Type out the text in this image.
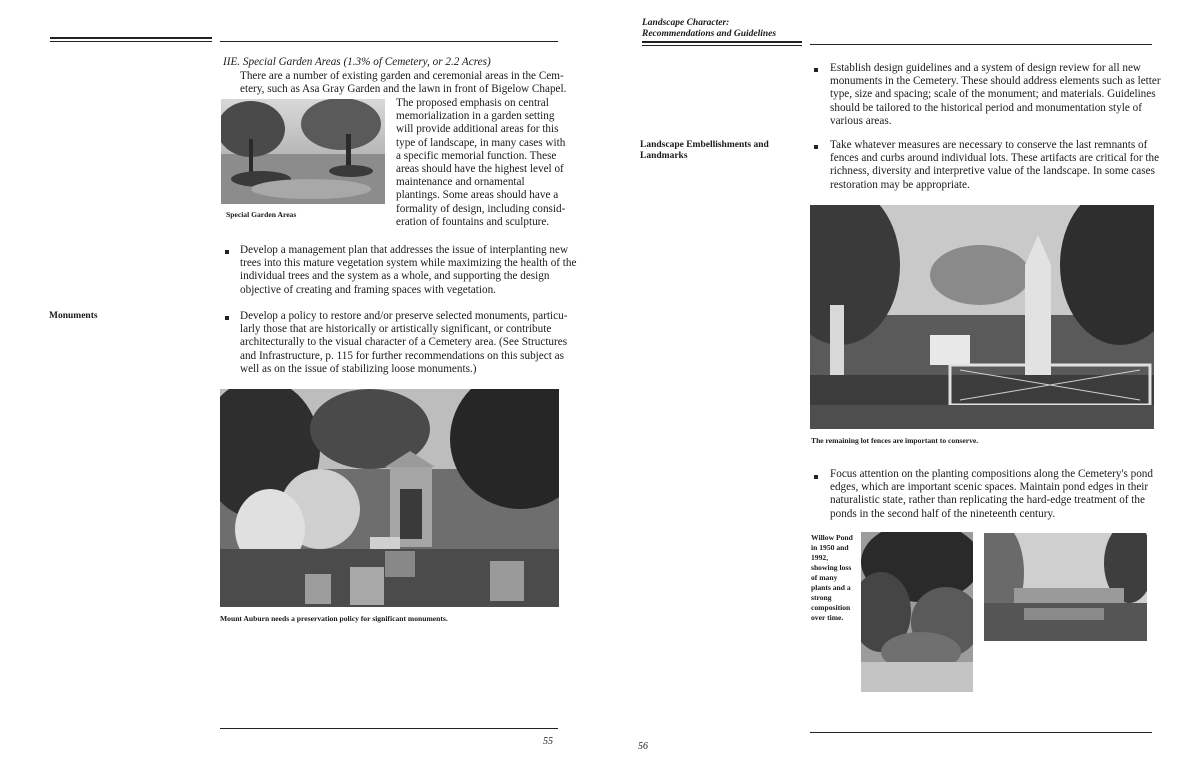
IIE. Special Garden Areas (1.3% of Cemetery, or 2.2 Acres)
There are a number of existing garden and ceremonial areas in the Cem-
etery, such as Asa Gray Garden and the lawn in front of Bigelow Chapel.
Special Garden Areas
The proposed emphasis on central
memorialization in a garden setting
will provide additional areas for this
type of landscape, in many cases with
a specific memorial function. These
areas should have the highest level of
maintenance and ornamental
plantings. Some areas should have a
formality of design, including consid-
eration of fountains and sculpture.
Develop a management plan that addresses the issue of interplanting new
trees into this mature vegetation system while maximizing the health of the
individual trees and the system as a whole, and supporting the design
objective of creating and framing spaces with vegetation.
Monuments	Develop a policy to restore and/or preserve selected monuments, particu-
larly those that are historically or artistically significant, or contribute
architecturally to the visual character of a Cemetery area. (See Structures
and Infrastructure, p. 115 for further recommendations on this subject as
well as on the issue of stabilizing loose monuments.)
Mount Auburn needs a preservation policy for significant monuments.
55
Landscape Character:
Recommendations and Guidelines
Establish design guidelines and a system of design review for all new
monuments in the Cemetery. These should address elements such as letter
type, size and spacing; scale of the monument; and materials. Guidelines
should be tailored to the historical period and monumentation style of
various areas.
Landscape Embellishments and
Landmarks
Take whatever measures are necessary to conserve the last remnants of
fences and curbs around individual lots. These artifacts are critical for the
richness, diversity and interpretive value of the landscape. In some cases
restoration may be appropriate.
The remaining lot fences are important to conserve.
Focus attention on the planting compositions along the Cemetery's pond
edges, which are important scenic spaces. Maintain pond edges in their
naturalistic state, rather than replicating the hard-edge treatment of the
ponds in the second half of the nineteenth century.
Willow Pond
in 1950 and
1992,
showing loss
of many
plants and a
strong
composition
over time.
56
